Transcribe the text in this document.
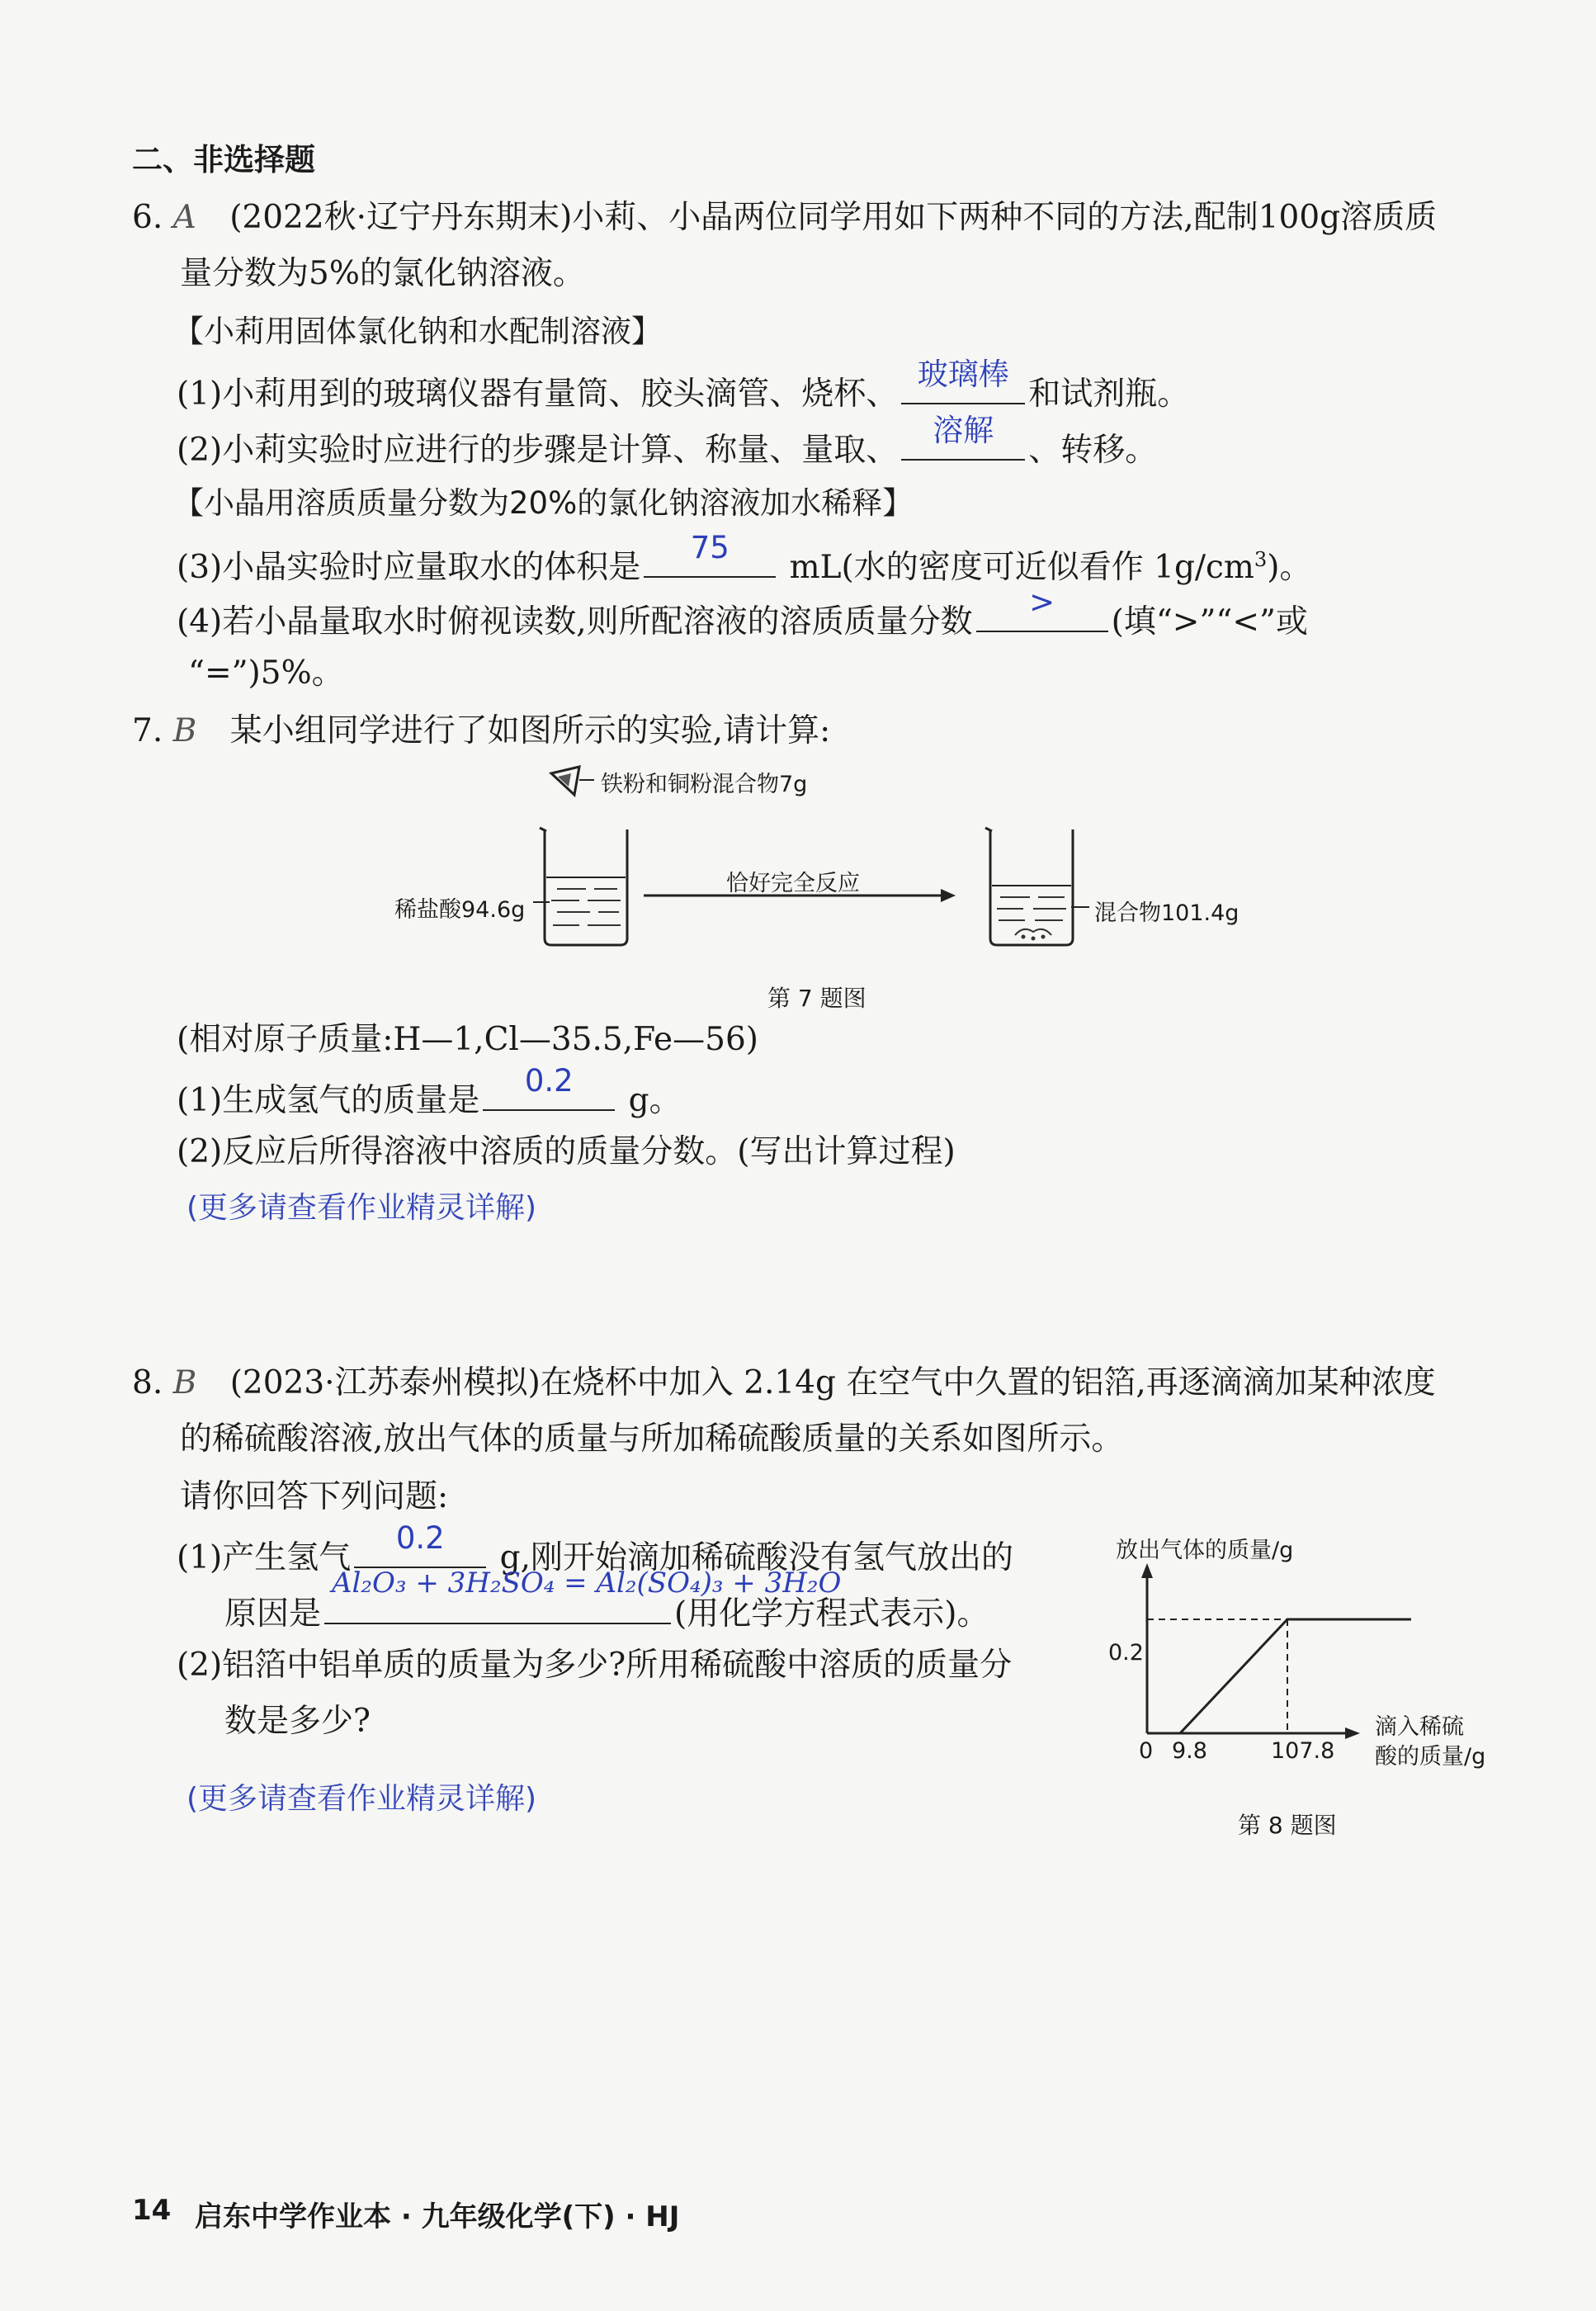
二、非选择题
6. A (2022秋·辽宁丹东期末)小莉、小晶两位同学用如下两种不同的方法,配制100g溶质质
量分数为5%的氯化钠溶液。
【小莉用固体氯化钠和水配制溶液】
(1)小莉用到的玻璃仪器有量筒、胶头滴管、烧杯、
玻璃棒
和试剂瓶。
(2)小莉实验时应进行的步骤是计算、称量、量取、
溶解
、转移。
【小晶用溶质质量分数为20%的氯化钠溶液加水稀释】
(3)小晶实验时应量取水的体积是
75
mL(水的密度可近似看作 $1g/cm^3$)。
(4)若小晶量取水时俯视读数,则所配溶液的溶质质量分数
>
(填“>”“<”或
“=”)5%。
7. B 某小组同学进行了如图所示的实验,请计算:
铁粉和铜粉混合物7g
稀盐酸94.6g
恰好完全反应
混合物101.4g
第 7 题图
(相对原子质量:H—1,Cl—35.5,Fe—56)
(1)生成氢气的质量是
0.2
g。
(2)反应后所得溶液中溶质的质量分数。(写出计算过程)
(更多请查看作业精灵详解)
8. B (2023·江苏泰州模拟)在烧杯中加入 2.14g 在空气中久置的铝箔,再逐滴滴加某种浓度
的稀硫酸溶液,放出气体的质量与所加稀硫酸质量的关系如图所示。
请你回答下列问题:
(1)产生氢气
0.2
g,刚开始滴加稀硫酸没有氢气放出的
原因是	(用化学方程式表示)。
Al₂O₃ + 3H₂SO₄ = Al₂(SO₄)₃ + 3H₂O
(2)铝箔中铝单质的质量为多少?所用稀硫酸中溶质的质量分
数是多少?
(更多请查看作业精灵详解)
放出气体的质量/g
0.2
0 9.8	107.8
滴入稀硫
酸的质量/g
第 8 题图
14 启东中学作业本 · 九年级化学(下) · HJ
